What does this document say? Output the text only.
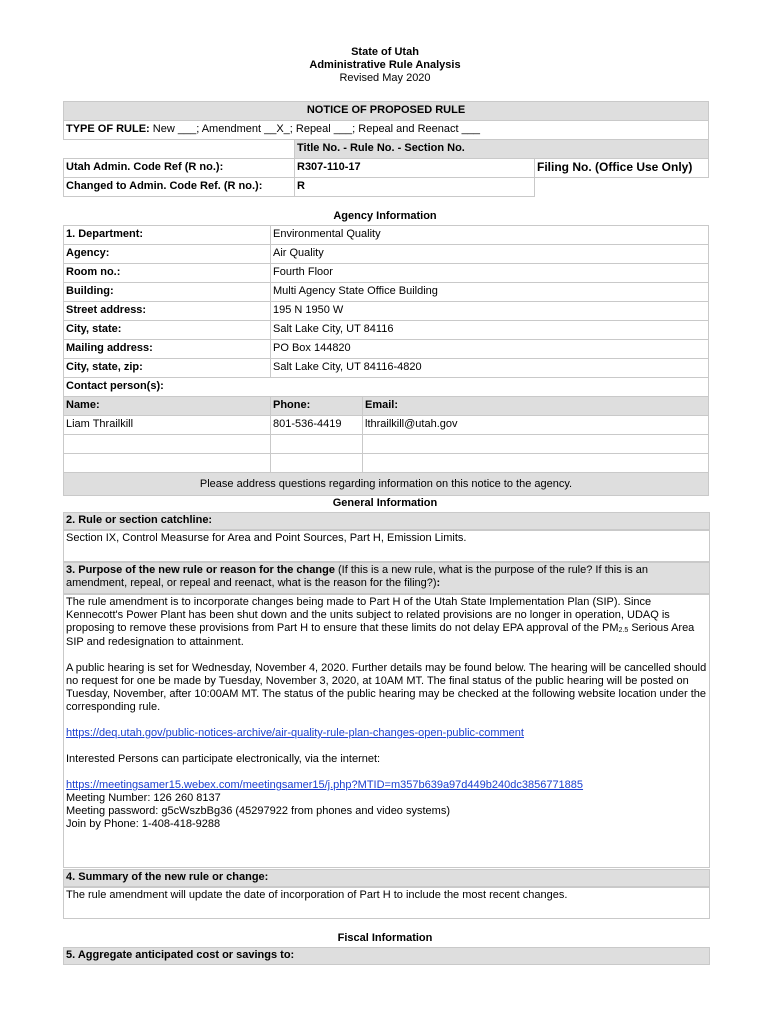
State of Utah
Administrative Rule Analysis
Revised May 2020
NOTICE OF PROPOSED RULE		
TYPE OF RULE: New ___; Amendment __X_; Repeal ___; Repeal and Reenact ___		
	Title No. - Rule No. - Section No.	
Utah Admin. Code Ref (R no.):	R307-110-17	Filing No. (Office Use Only)
Changed to Admin. Code Ref. (R no.):	R	
Agency Information
1. Department:	Environmental Quality	
Agency:	Air Quality	
Room no.:	Fourth Floor	
Building:	Multi Agency State Office Building	
Street address:	195 N 1950 W	
City, state:	Salt Lake City, UT 84116	
Mailing address:	PO Box 144820	
City, state, zip:	Salt Lake City, UT 84116-4820	
Contact person(s):		
Name:	Phone:	Email:
Liam Thrailkill	801-536-4419	lthrailkill@utah.gov

Please address questions regarding information on this notice to the agency.		
General Information
2. Rule or section catchline:
Section IX, Control Measurse for Area and Point Sources, Part H, Emission Limits.
3. Purpose of the new rule or reason for the change (If this is a new rule, what is the purpose of the rule? If this is an amendment, repeal, or repeal and reenact, what is the reason for the filing?):

The rule amendment is to incorporate changes being made to Part H of the Utah State Implementation Plan (SIP). Since Kennecott's Power Plant has been shut down and the units subject to related provisions are no longer in operation, UDAQ is proposing to remove these provisions from Part H to ensure that these limits do not delay EPA approval of the $PM_{2.5}$ Serious Area SIP and redesignation to attainment.

A public hearing is set for Wednesday, November 4, 2020. Further details may be found below. The hearing will be cancelled should no request for one be made by Tuesday, November 3, 2020, at 10AM MT. The final status of the public hearing will be posted on Tuesday, November, after 10:00AM MT. The status of the public hearing may be checked at the following website location under the corresponding rule.

https://deq.utah.gov/public-notices-archive/air-quality-rule-plan-changes-open-public-comment

Interested Persons can participate electronically, via the internet:

https://meetingsamer15.webex.com/meetingsamer15/j.php?MTID=m357b639a97d449b240dc3856771885

Meeting Number: 126 260 8137

Meeting password: g5cWszbBg36 (45297922 from phones and video systems)

Join by Phone: 1-408-418-9288

4. Summary of the new rule or change:
The rule amendment will update the date of incorporation of Part H to include the most recent changes.
Fiscal Information
5. Aggregate anticipated cost or savings to:
